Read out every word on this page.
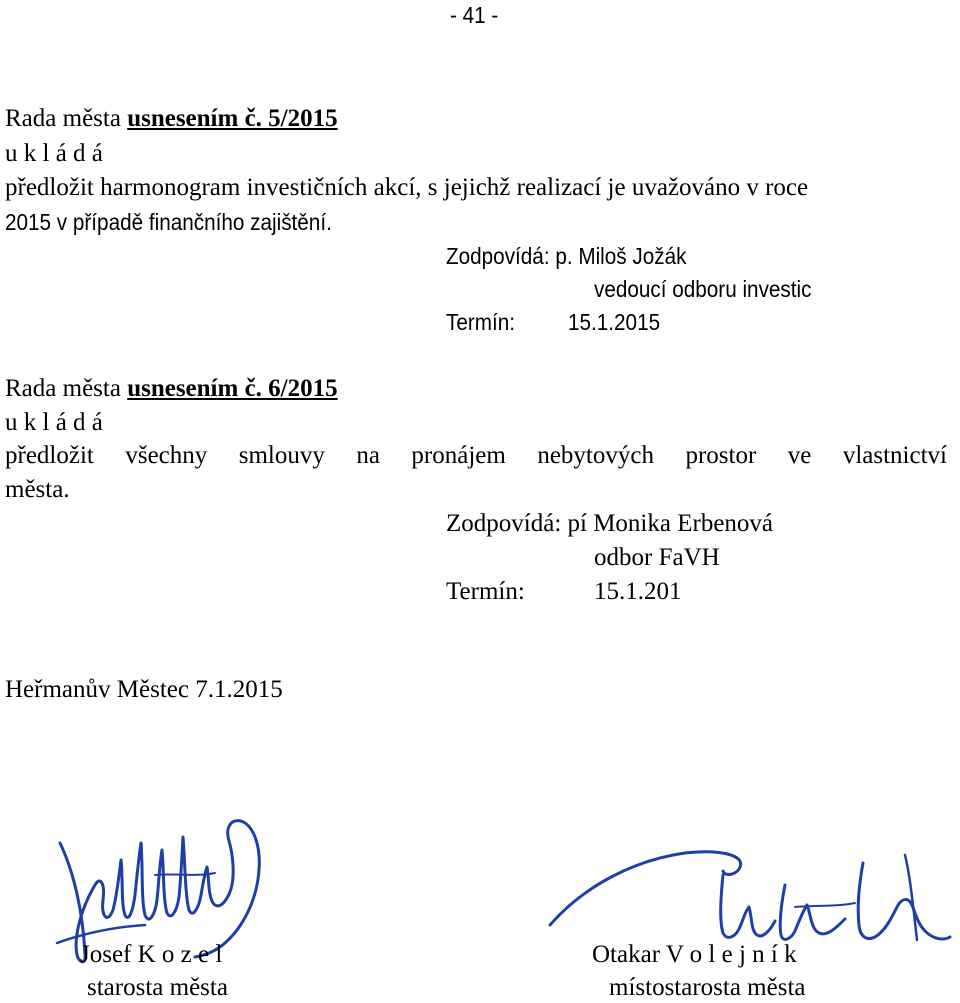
- 41 -
Rada města usnesením č. 5/2015
u k l á d á
předložit harmonogram investičních akcí, s jejichž realizací je uvažováno v roce
2015 v případě finančního zajištění.
Zodpovídá: p. Miloš Jožák
vedoucí odboru investic
Termín: 15.1.2015
Rada města usnesením č. 6/2015
u k l á d á
předložit všechny smlouvy na pronájem nebytových prostor ve vlastnictví
města.
Zodpovídá: pí Monika Erbenová
odbor FaVH
Termín:	15.1.201
Heřmanův Městec 7.1.2015
Josef K o z e l
starosta města
Otakar V o l e j n í k
místostarosta města
